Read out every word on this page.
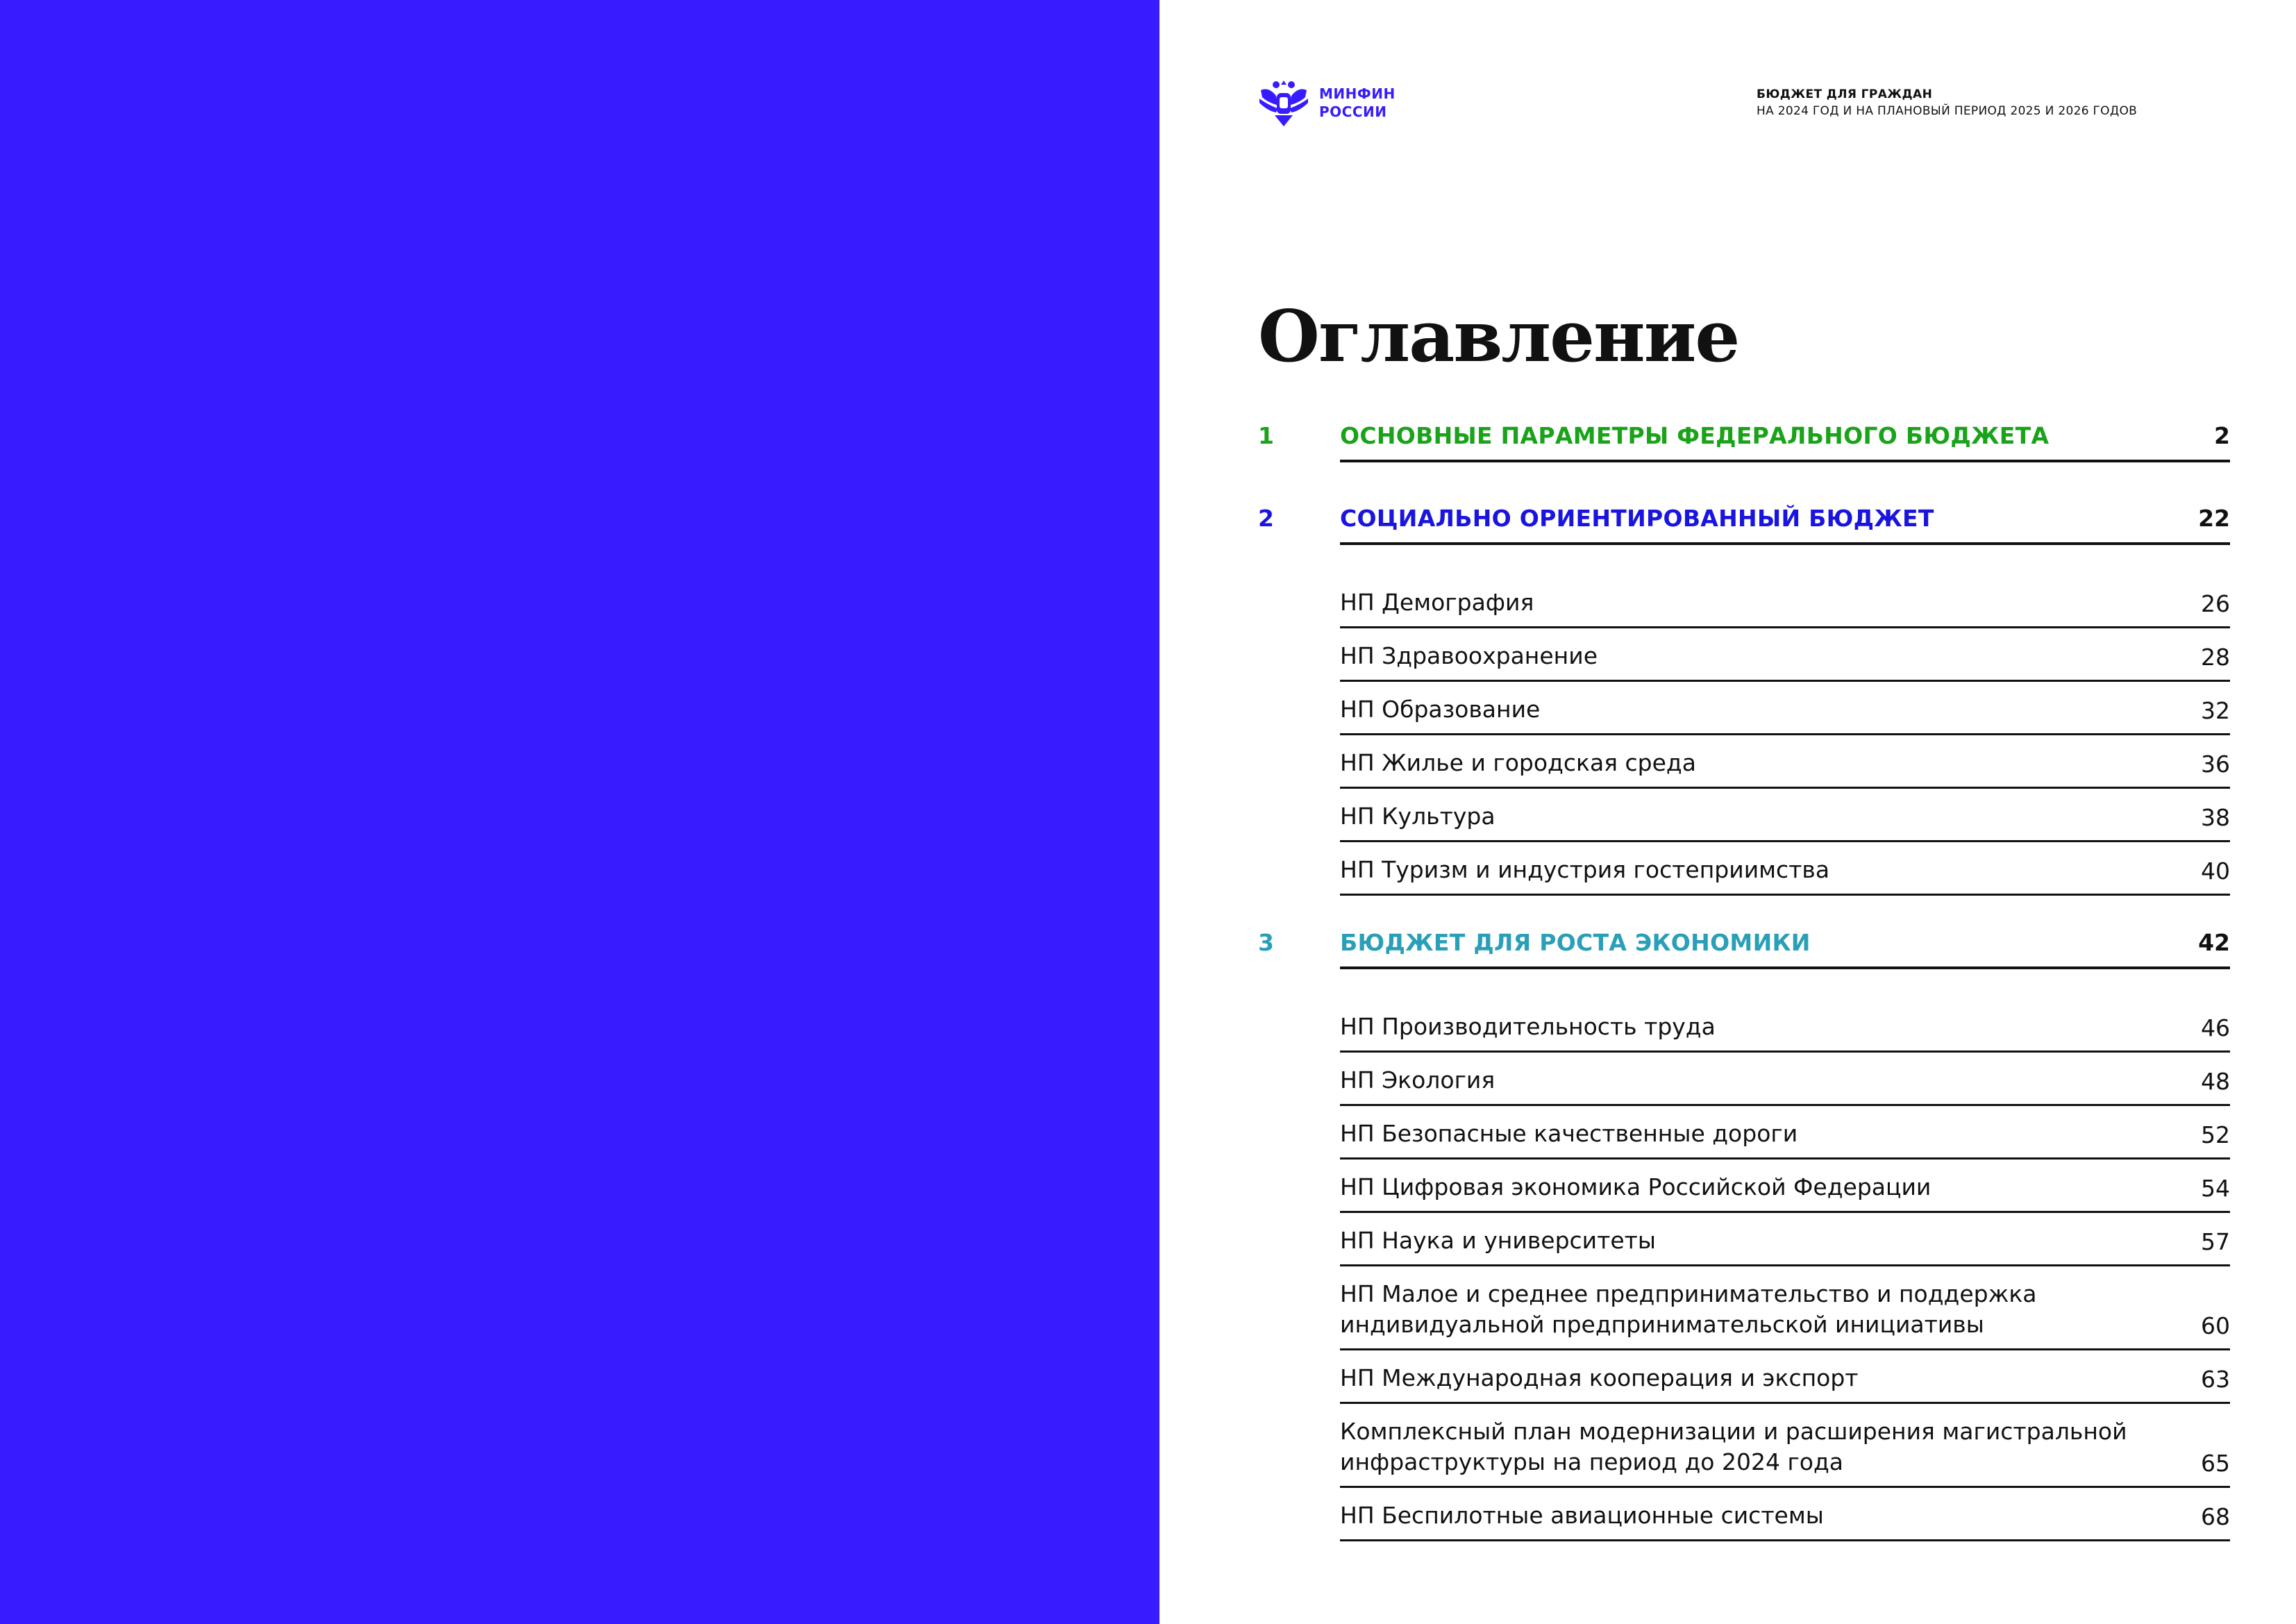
МИНФИН
РОССИИ
БЮДЖЕТ ДЛЯ ГРАЖДАН
НА 2024 ГОД И НА ПЛАНОВЫЙ ПЕРИОД 2025 И 2026 ГОДОВ
Оглавление
1	ОСНОВНЫЕ ПАРАМЕТРЫ ФЕДЕРАЛЬНОГО БЮДЖЕТА	2
2	СОЦИАЛЬНО ОРИЕНТИРОВАННЫЙ БЮДЖЕТ	22
НП Демография	26
НП Здравоохранение	28
НП Образование	32
НП Жилье и городская среда	36
НП Культура	38
НП Туризм и индустрия гостеприимства	40
3	БЮДЖЕТ ДЛЯ РОСТА ЭКОНОМИКИ	42
НП Производительность труда	46
НП Экология	48
НП Безопасные качественные дороги	52
НП Цифровая экономика Российской Федерации	54
НП Наука и университеты	57
НП Малое и среднее предпринимательство и поддержка
индивидуальной предпринимательской инициативы	60
НП Международная кооперация и экспорт	63
Комплексный план модернизации и расширения магистральной
инфраструктуры на период до 2024 года	65
НП Беспилотные авиационные системы	68
